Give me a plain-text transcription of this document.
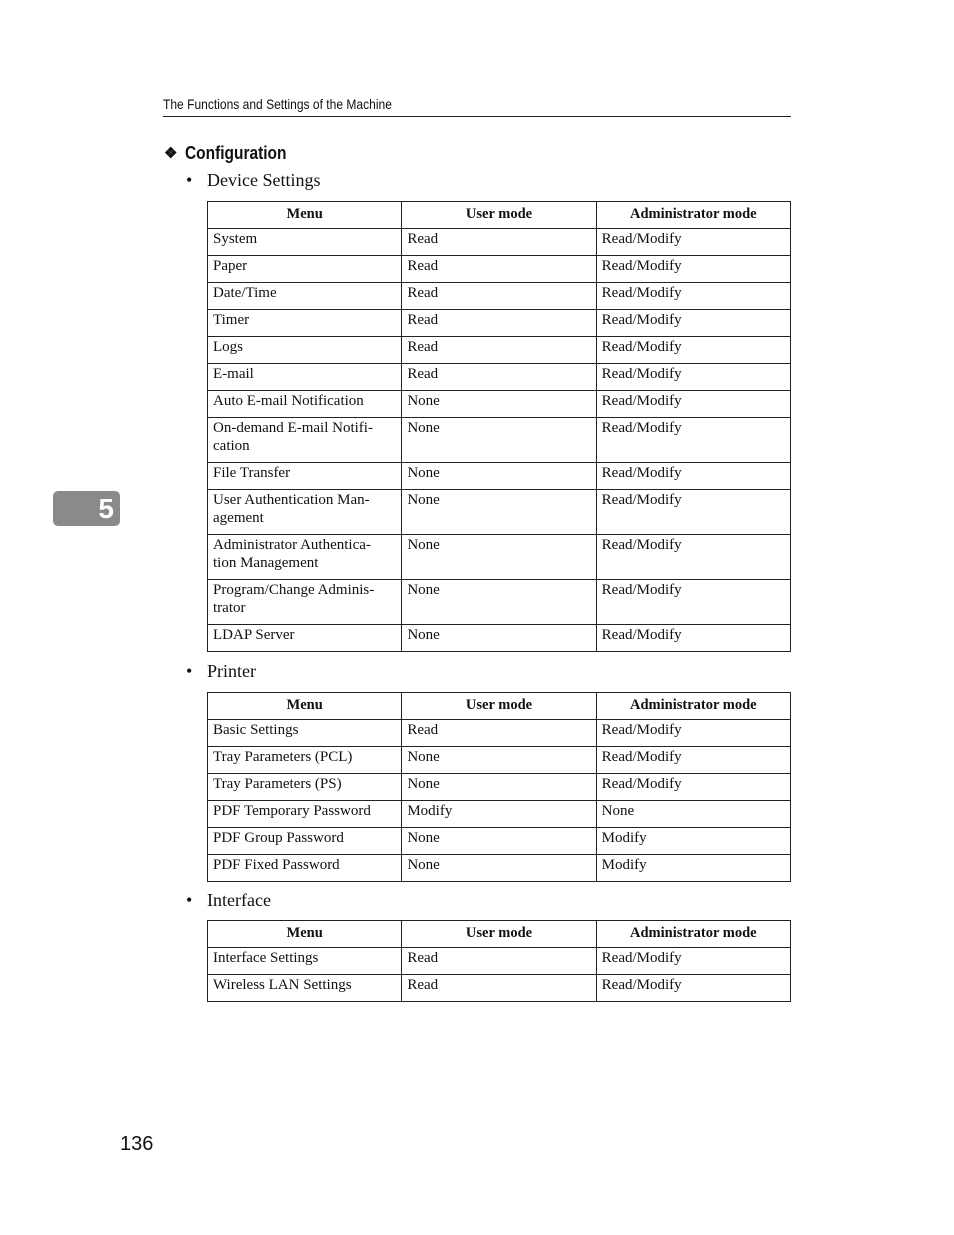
The Functions and Settings of the Machine
❖ Configuration
• Device Settings
Menu	User mode	Administrator mode
System	Read	Read/Modify
Paper	Read	Read/Modify
Date/Time	Read	Read/Modify
Timer	Read	Read/Modify
Logs	Read	Read/Modify
E-mail	Read	Read/Modify
Auto E-mail Notification	None	Read/Modify
On-demand E-mail Notifi-
cation	None	Read/Modify
File Transfer	None	Read/Modify
User Authentication Man-
agement	None	Read/Modify
Administrator Authentica-
tion Management	None	Read/Modify
Program/Change Adminis-
trator	None	Read/Modify
LDAP Server	None	Read/Modify
• Printer
Menu	User mode	Administrator mode
Basic Settings	Read	Read/Modify
Tray Parameters (PCL)	None	Read/Modify
Tray Parameters (PS)	None	Read/Modify
PDF Temporary Password	Modify	None
PDF Group Password	None	Modify
PDF Fixed Password	None	Modify
• Interface
Menu	User mode	Administrator mode
Interface Settings	Read	Read/Modify
Wireless LAN Settings	Read	Read/Modify
5
136
